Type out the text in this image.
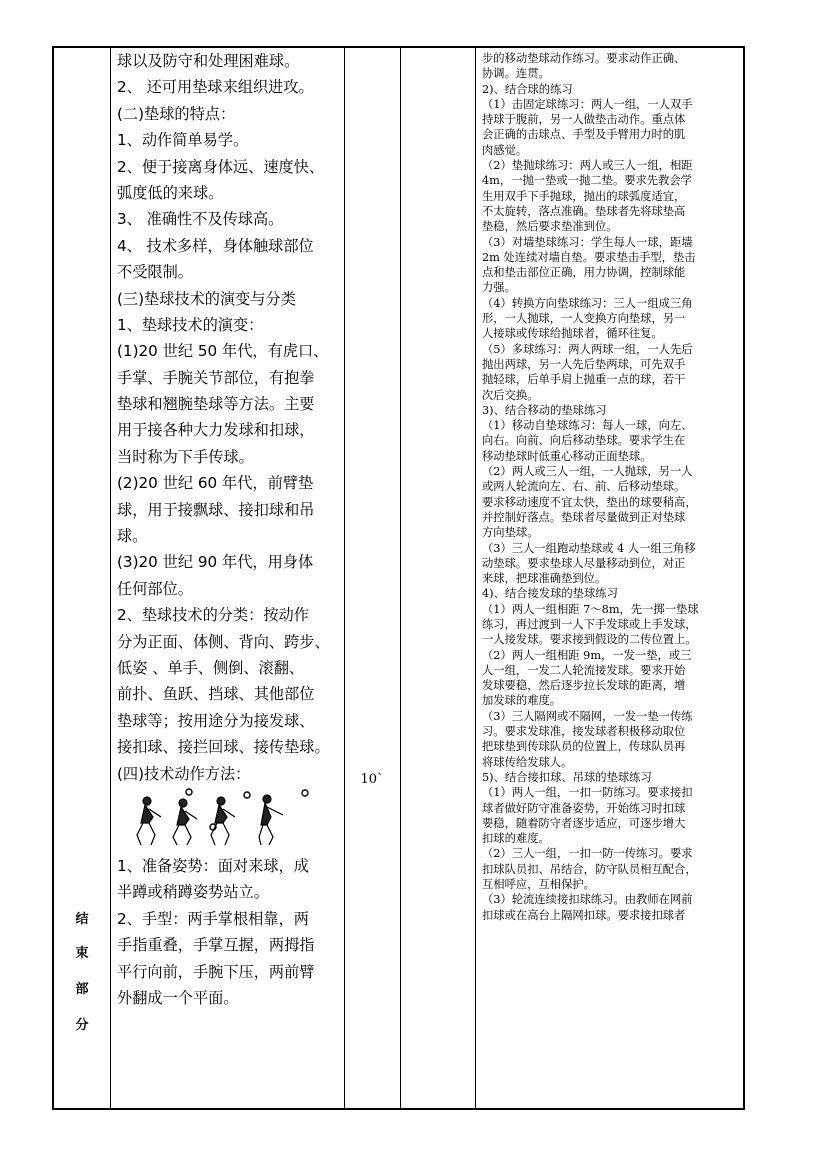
结
束
部
分
球以及防守和处理困难球。
2、 还可用垫球来组织进攻。
(二)垫球的特点：
1、动作简单易学。
2、便于接离身体远、速度快、
弧度低的来球。
3、 准确性不及传球高。
4、 技术多样，身体触球部位
不受限制。
(三)垫球技术的演变与分类
1、垫球技术的演变：
(1)20 世纪 50 年代，有虎口、
手掌、手腕关节部位，有抱拳
垫球和翘腕垫球等方法。主要
用于接各种大力发球和扣球，
当时称为下手传球。
(2)20 世纪 60 年代，前臂垫
球，用于接飘球、接扣球和吊
球。
(3)20 世纪 90 年代，用身体
任何部位。
2、垫球技术的分类：按动作
分为正面、体侧、背向、跨步、
低姿 、单手、侧倒、滚翻、
前扑、鱼跃、挡球、其他部位
垫球等；按用途分为接发球、
接扣球、接拦回球、接传垫球。
(四)技术动作方法：
1、准备姿势：面对来球，成
半蹲或稍蹲姿势站立。
2、手型：两手掌根相靠，两
手指重叠，手掌互握，两拇指
平行向前，手腕下压，两前臂
外翻成一个平面。
10`
步的移动垫球动作练习。要求动作正确、
协调。连贯。
2)、结合球的练习
（1）击固定球练习：两人一组，一人双手
持球于腹前，另一人做垫击动作。重点体
会正确的击球点、手型及手臂用力时的肌
肉感觉。
（2）垫抛球练习：两人或三人一组，相距
4m，一抛一垫或一抛二垫。要求先教会学
生用双手下手抛球，抛出的球弧度适宜，
不太旋转，落点准确。垫球者先将球垫高
垫稳，然后要求垫准到位。
（3）对墙垫球练习：学生每人一球，距墙
2m 处连续对墙自垫。要求垫击手型，垫击
点和垫击部位正确，用力协调，控制球能
力强。
（4）转换方向垫球练习：三人一组成三角
形，一人抛球，一人变换方向垫球，另一
人接球或传球给抛球者，循环往复。
（5）多球练习：两人两球一组，一人先后
抛出两球，另一人先后垫两球，可先双手
抛轻球，后单手肩上抛重一点的球，若干
次后交换。
3)、结合移动的垫球练习
（1）移动自垫球练习：每人一球，向左、
向右。向前、向后移动垫球。要求学生在
移动垫球时低重心移动正面垫球。
（2）两人或三人一组，一人抛球，另一人
或两人轮流向左、右、前、后移动垫球。
要求移动速度不宜太快，垫出的球要稍高，
并控制好落点。垫球者尽量做到正对垫球
方向垫球。
（3）三人一组跑动垫球或 4 人一组三角移
动垫球。要求垫球人尽量移动到位，对正
来球，把球准确垫到位。
4)、结合接发球的垫球练习
（1）两人一组相距 7～8m，先一掷一垫球
练习，再过渡到一人下手发球或上手发球，
一人接发球。要求接到假设的二传位置上。
（2）两人一组相距 9m，一发一垫，或三
人一组，一发二人轮流接发球。要求开始
发球要稳，然后逐步拉长发球的距离，增
加发球的难度。
（3）三人隔网或不隔网，一发一垫一传练
习。要求发球准，接发球者积极移动取位
把球垫到传球队员的位置上，传球队员再
将球传给发球人。
5)、结合接扣球、吊球的垫球练习
（1）两人一组，一扣一防练习。要求接扣
球者做好防守准备姿势，开始练习时扣球
要稳，随着防守者逐步适应，可逐步增大
扣球的难度。
（2）三人一组，一扣一防一传练习。要求
扣球队员扣、吊结合，防守队员相互配合，
互相呼应，互相保护。
（3）轮流连续接扣球练习。由教师在网前
扣球或在高台上隔网扣球。要求接扣球者
